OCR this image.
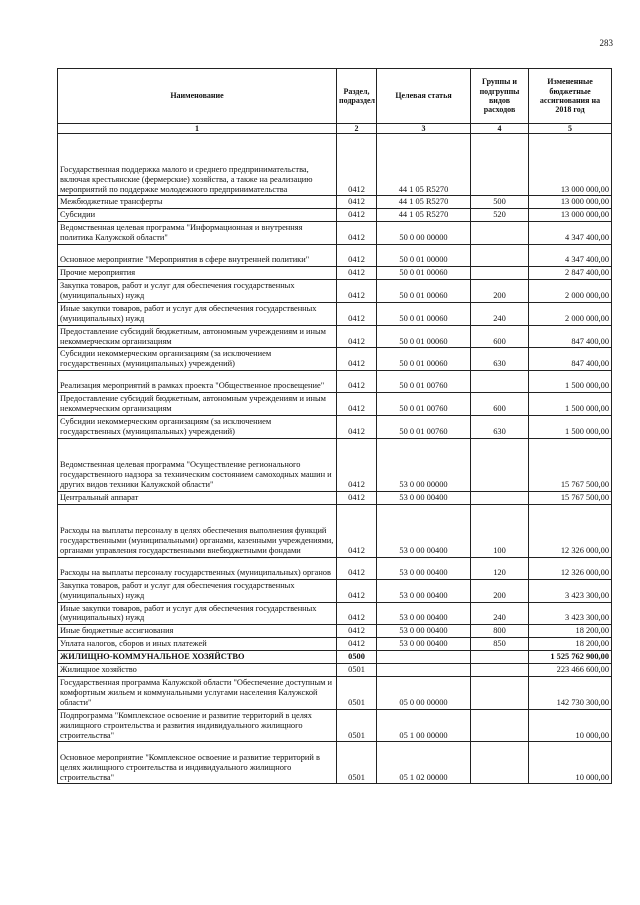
283
Наименование	Раздел, подраздел	Целевая статья	Группы и подгруппы видов расходов	Измененные бюджетные ассигнования на 2018 год
1	2	3	4	5
Государственная поддержка малого и среднего предпринимательства, включая крестьянские (фермерские) хозяйства, а также на реализацию мероприятий по поддержке молодежного предпринимательства	0412	44 1 05 R5270		13 000 000,00
Межбюджетные трансферты	0412	44 1 05 R5270	500	13 000 000,00
Субсидии	0412	44 1 05 R5270	520	13 000 000,00
Ведомственная целевая программа "Информационная и внутренняя политика Калужской области"	0412	50 0 00 00000		4 347 400,00
Основное мероприятие "Мероприятия в сфере внутренней политики"	0412	50 0 01 00000		4 347 400,00
Прочие мероприятия	0412	50 0 01 00060		2 847 400,00
Закупка товаров, работ и услуг для обеспечения государственных (муниципальных) нужд	0412	50 0 01 00060	200	2 000 000,00
Иные закупки товаров, работ и услуг для обеспечения государственных (муниципальных) нужд	0412	50 0 01 00060	240	2 000 000,00
Предоставление субсидий бюджетным, автономным учреждениям и иным некоммерческим организациям	0412	50 0 01 00060	600	847 400,00
Субсидии некоммерческим организациям (за исключением государственных (муниципальных) учреждений)	0412	50 0 01 00060	630	847 400,00
Реализация мероприятий в рамках проекта "Общественное просвещение"	0412	50 0 01 00760		1 500 000,00
Предоставление субсидий бюджетным, автономным учреждениям и иным некоммерческим организациям	0412	50 0 01 00760	600	1 500 000,00
Субсидии некоммерческим организациям (за исключением государственных (муниципальных) учреждений)	0412	50 0 01 00760	630	1 500 000,00
Ведомственная целевая программа "Осуществление регионального государственного надзора за техническим состоянием самоходных машин и других видов техники Калужской области"	0412	53 0 00 00000		15 767 500,00
Центральный аппарат	0412	53 0 00 00400		15 767 500,00
Расходы на выплаты персоналу в целях обеспечения выполнения функций государственными (муниципальными) органами, казенными учреждениями, органами управления государственными внебюджетными фондами	0412	53 0 00 00400	100	12 326 000,00
Расходы на выплаты персоналу государственных (муниципальных) органов	0412	53 0 00 00400	120	12 326 000,00
Закупка товаров, работ и услуг для обеспечения государственных (муниципальных) нужд	0412	53 0 00 00400	200	3 423 300,00
Иные закупки товаров, работ и услуг для обеспечения государственных (муниципальных) нужд	0412	53 0 00 00400	240	3 423 300,00
Иные бюджетные ассигнования	0412	53 0 00 00400	800	18 200,00
Уплата налогов, сборов и иных платежей	0412	53 0 00 00400	850	18 200,00
ЖИЛИЩНО-КОММУНАЛЬНОЕ ХОЗЯЙСТВО	0500			1 525 762 900,00
Жилищное хозяйство	0501			223 466 600,00
Государственная программа Калужской области "Обеспечение доступным и комфортным жильем и коммунальными услугами населения Калужской области"	0501	05 0 00 00000		142 730 300,00
Подпрограмма "Комплексное освоение и развитие территорий в целях жилищного строительства и развития индивидуального жилищного строительства"	0501	05 1 00 00000		10 000,00
Основное мероприятие "Комплексное освоение и развитие территорий в целях жилищного строительства и индивидуального жилищного строительства"	0501	05 1 02 00000		10 000,00
